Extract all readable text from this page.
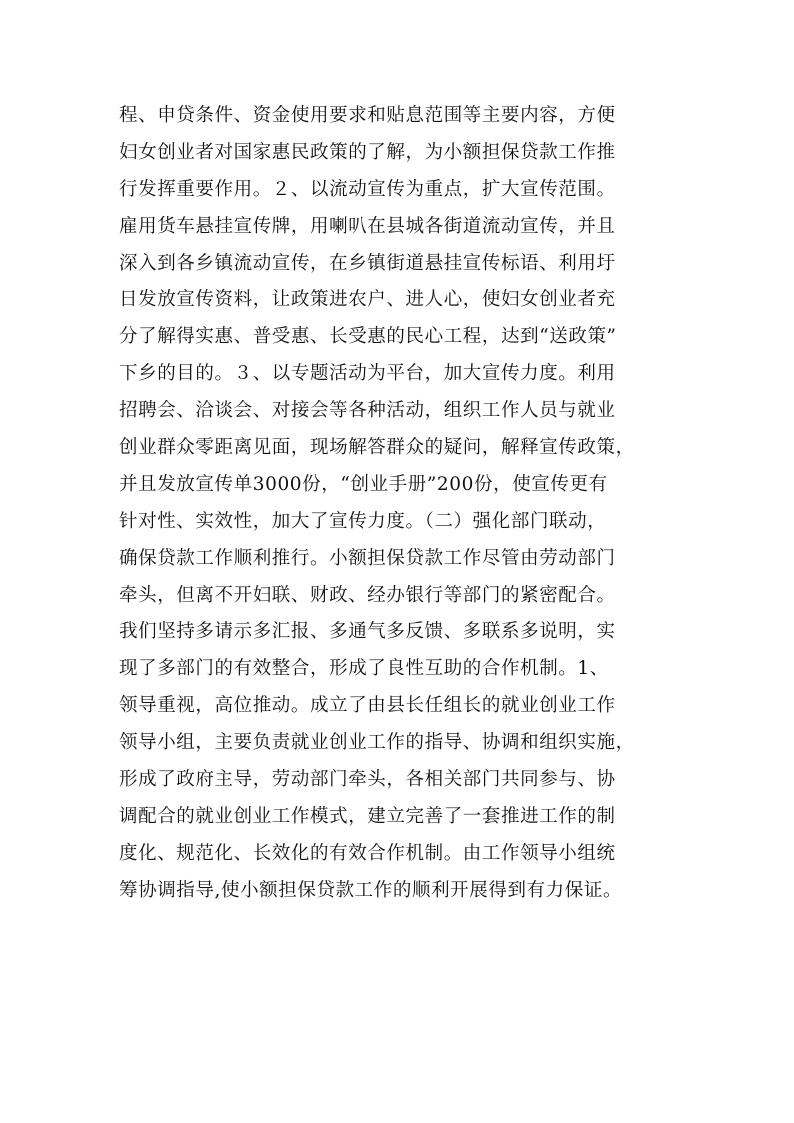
程、申贷条件、资金使用要求和贴息范围等主要内容，方便
妇女创业者对国家惠民政策的了解，为小额担保贷款工作推
行发挥重要作用。２、以流动宣传为重点，扩大宣传范围。
雇用货车悬挂宣传牌，用喇叭在县城各街道流动宣传，并且
深入到各乡镇流动宣传，在乡镇街道悬挂宣传标语、利用圩
日发放宣传资料，让政策进农户、进人心，使妇女创业者充
分了解得实惠、普受惠、长受惠的民心工程，达到“送政策”
下乡的目的。３、以专题活动为平台，加大宣传力度。利用
招聘会、洽谈会、对接会等各种活动，组织工作人员与就业
创业群众零距离见面，现场解答群众的疑问，解释宣传政策，
并且发放宣传单3000份，“创业手册”200份，使宣传更有
针对性、实效性，加大了宣传力度。（二）强化部门联动，
确保贷款工作顺利推行。小额担保贷款工作尽管由劳动部门
牵头，但离不开妇联、财政、经办银行等部门的紧密配合。
我们坚持多请示多汇报、多通气多反馈、多联系多说明，实
现了多部门的有效整合，形成了良性互助的合作机制。1、
领导重视，高位推动。成立了由县长任组长的就业创业工作
领导小组，主要负责就业创业工作的指导、协调和组织实施，
形成了政府主导，劳动部门牵头，各相关部门共同参与、协
调配合的就业创业工作模式，建立完善了一套推进工作的制
度化、规范化、长效化的有效合作机制。由工作领导小组统
筹协调指导,使小额担保贷款工作的顺利开展得到有力保证。
